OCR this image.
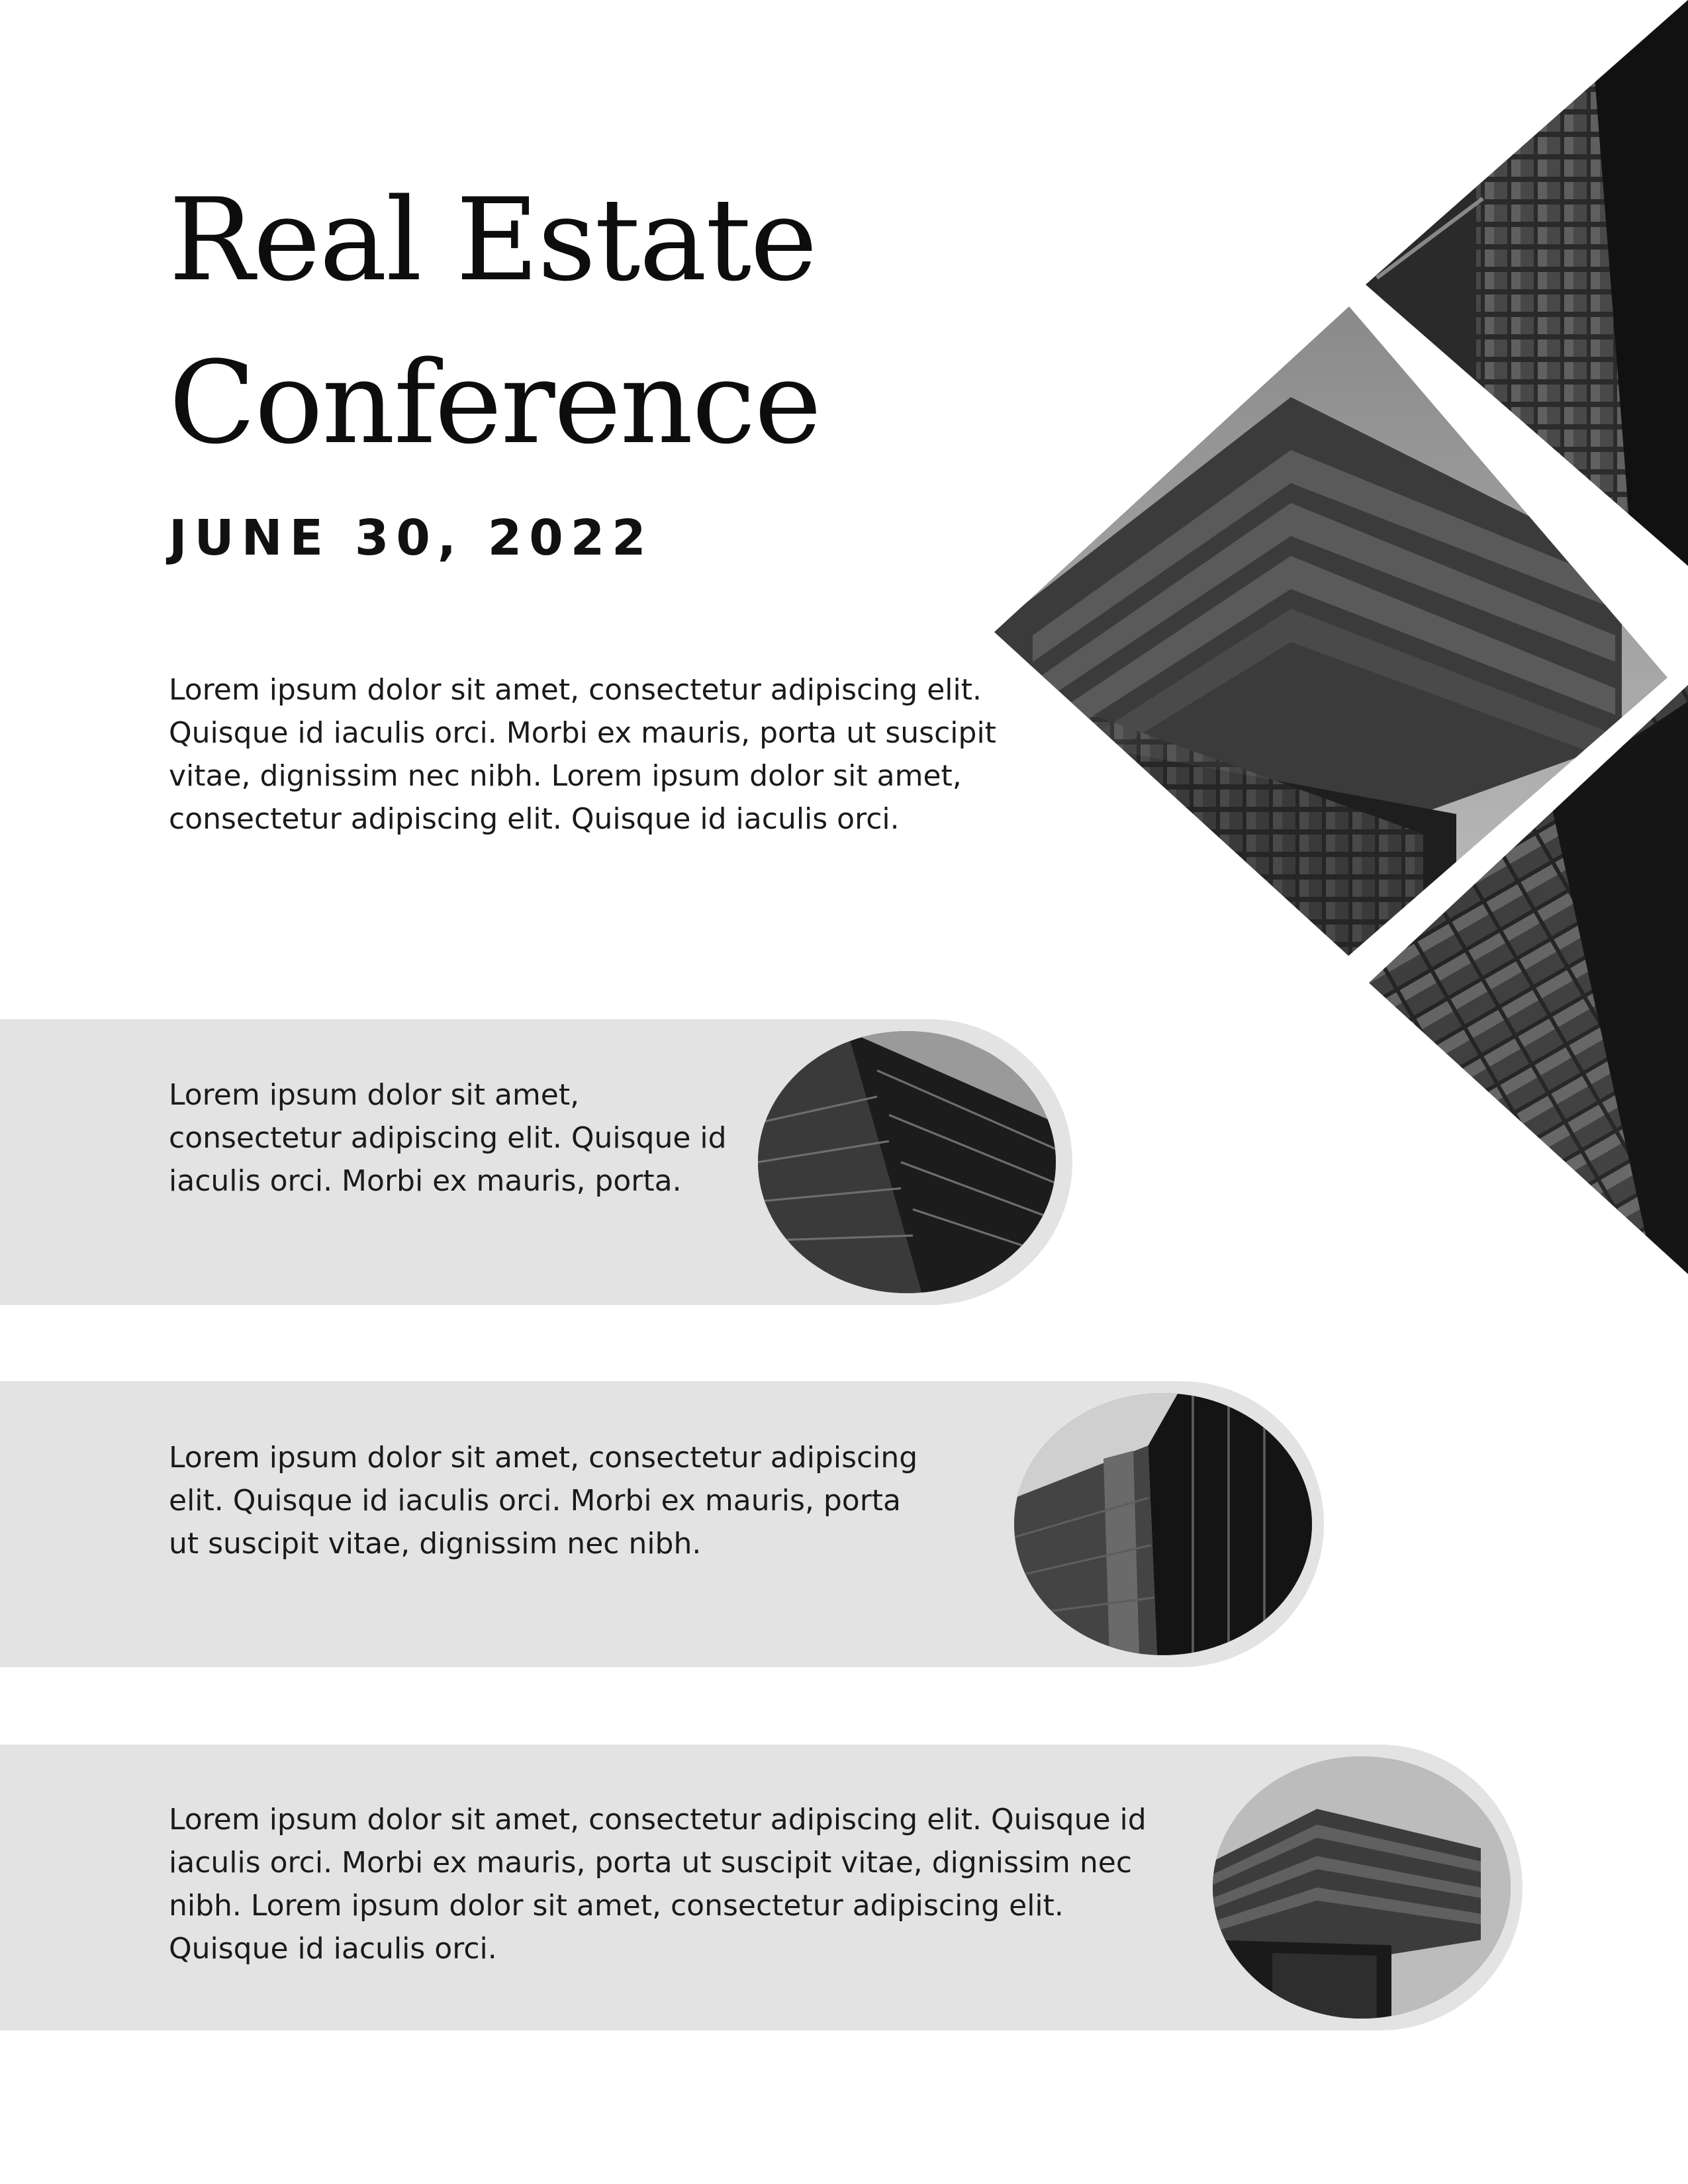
Real Estate
Conference
JUNE 30, 2022

Lorem ipsum dolor sit amet, consectetur adipiscing elit. Quisque id iaculis orci. Morbi ex mauris, porta ut suscipit vitae, dignissim nec nibh. Lorem ipsum dolor sit amet, consectetur adipiscing elit. Quisque id iaculis orci.

Lorem ipsum dolor sit amet, consectetur adipiscing elit. Quisque id iaculis orci. Morbi ex mauris, porta.

Lorem ipsum dolor sit amet, consectetur adipiscing elit. Quisque id iaculis orci. Morbi ex mauris, porta ut suscipit vitae, dignissim nec nibh.

Lorem ipsum dolor sit amet, consectetur adipiscing elit. Quisque id iaculis orci. Morbi ex mauris, porta ut suscipit vitae, dignissim nec nibh. Lorem ipsum dolor sit amet, consectetur adipiscing elit. Quisque id iaculis orci.
